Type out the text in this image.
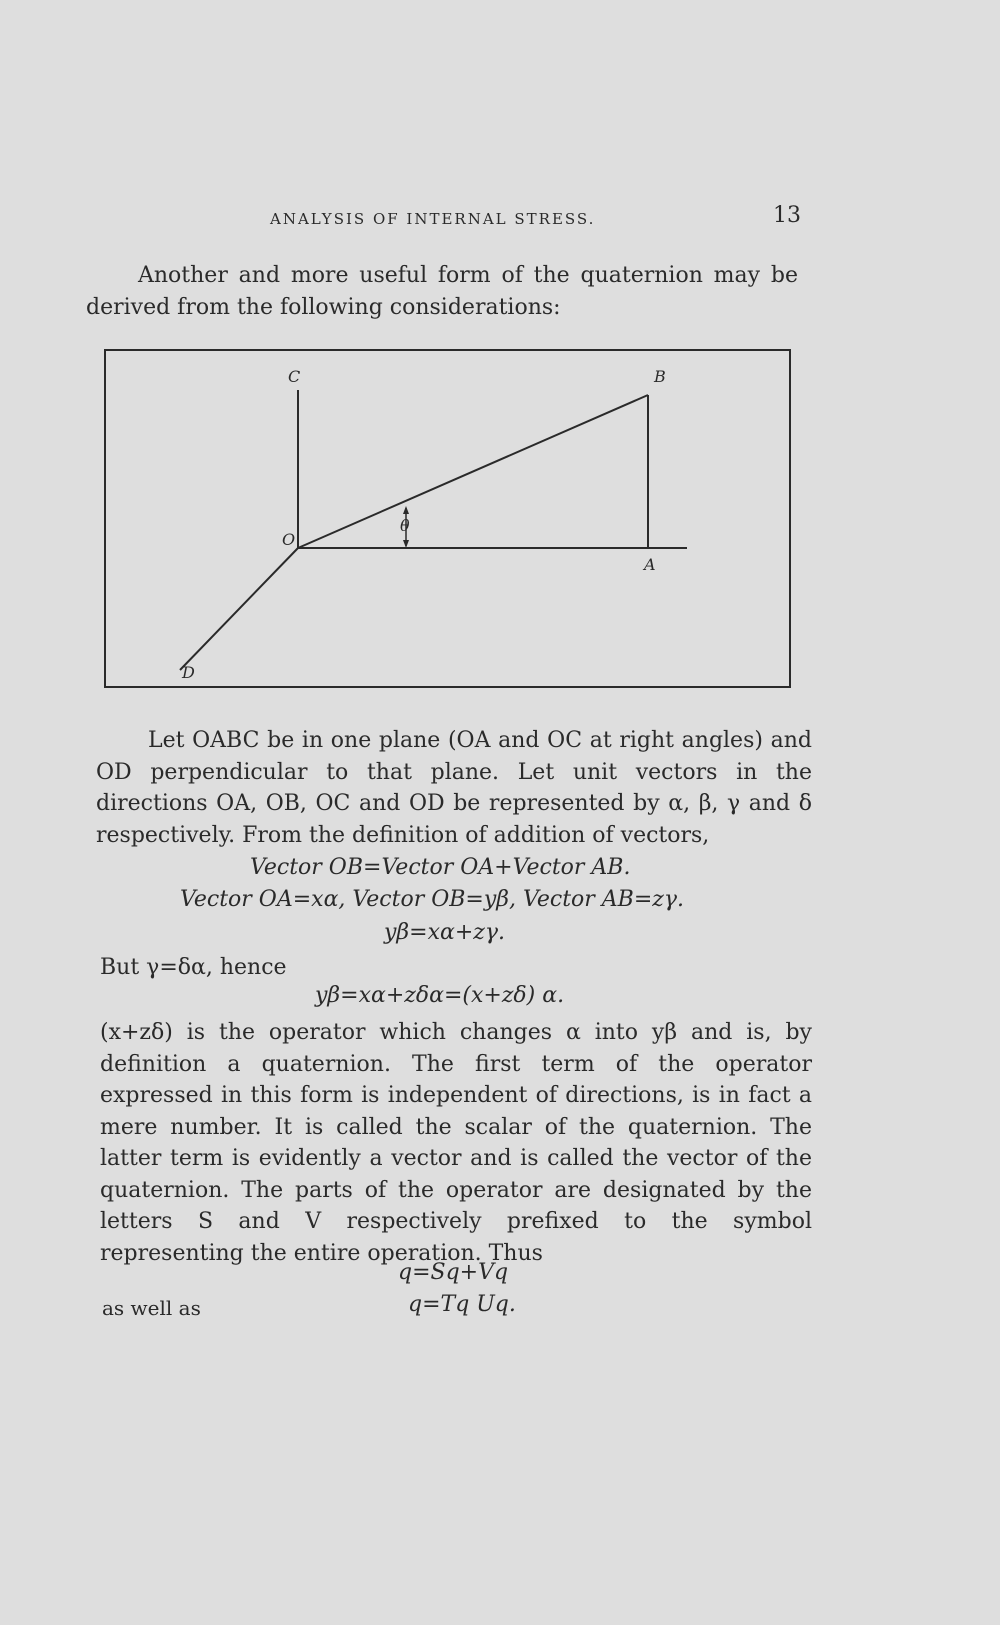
ANALYSIS OF INTERNAL STRESS.	13
Another and more useful form of the quaternion may be derived from the following considerations:
C	B
O
θ
A
D
Let OABC be in one plane (OA and OC at right angles) and OD perpendicular to that plane. Let unit vectors in the directions OA, OB, OC and OD be represented by α, β, γ and δ respectively. From the definition of addition of vectors,
Vector OB=Vector OA+Vector AB.
Vector OA=xα, Vector OB=yβ, Vector AB=zγ.
yβ=xα+zγ.
But γ=δα, hence
yβ=xα+zδα=(x+zδ) α.
(x+zδ) is the operator which changes α into yβ and is, by definition a quaternion. The first term of the operator expressed in this form is independent of directions, is in fact a mere number. It is called the scalar of the quaternion. The latter term is evidently a vector and is called the vector of the quaternion. The parts of the operator are designated by the letters S and V respectively prefixed to the symbol representing the entire operation. Thus
q=Sq+Vq
as well as	q=Tq Uq.
